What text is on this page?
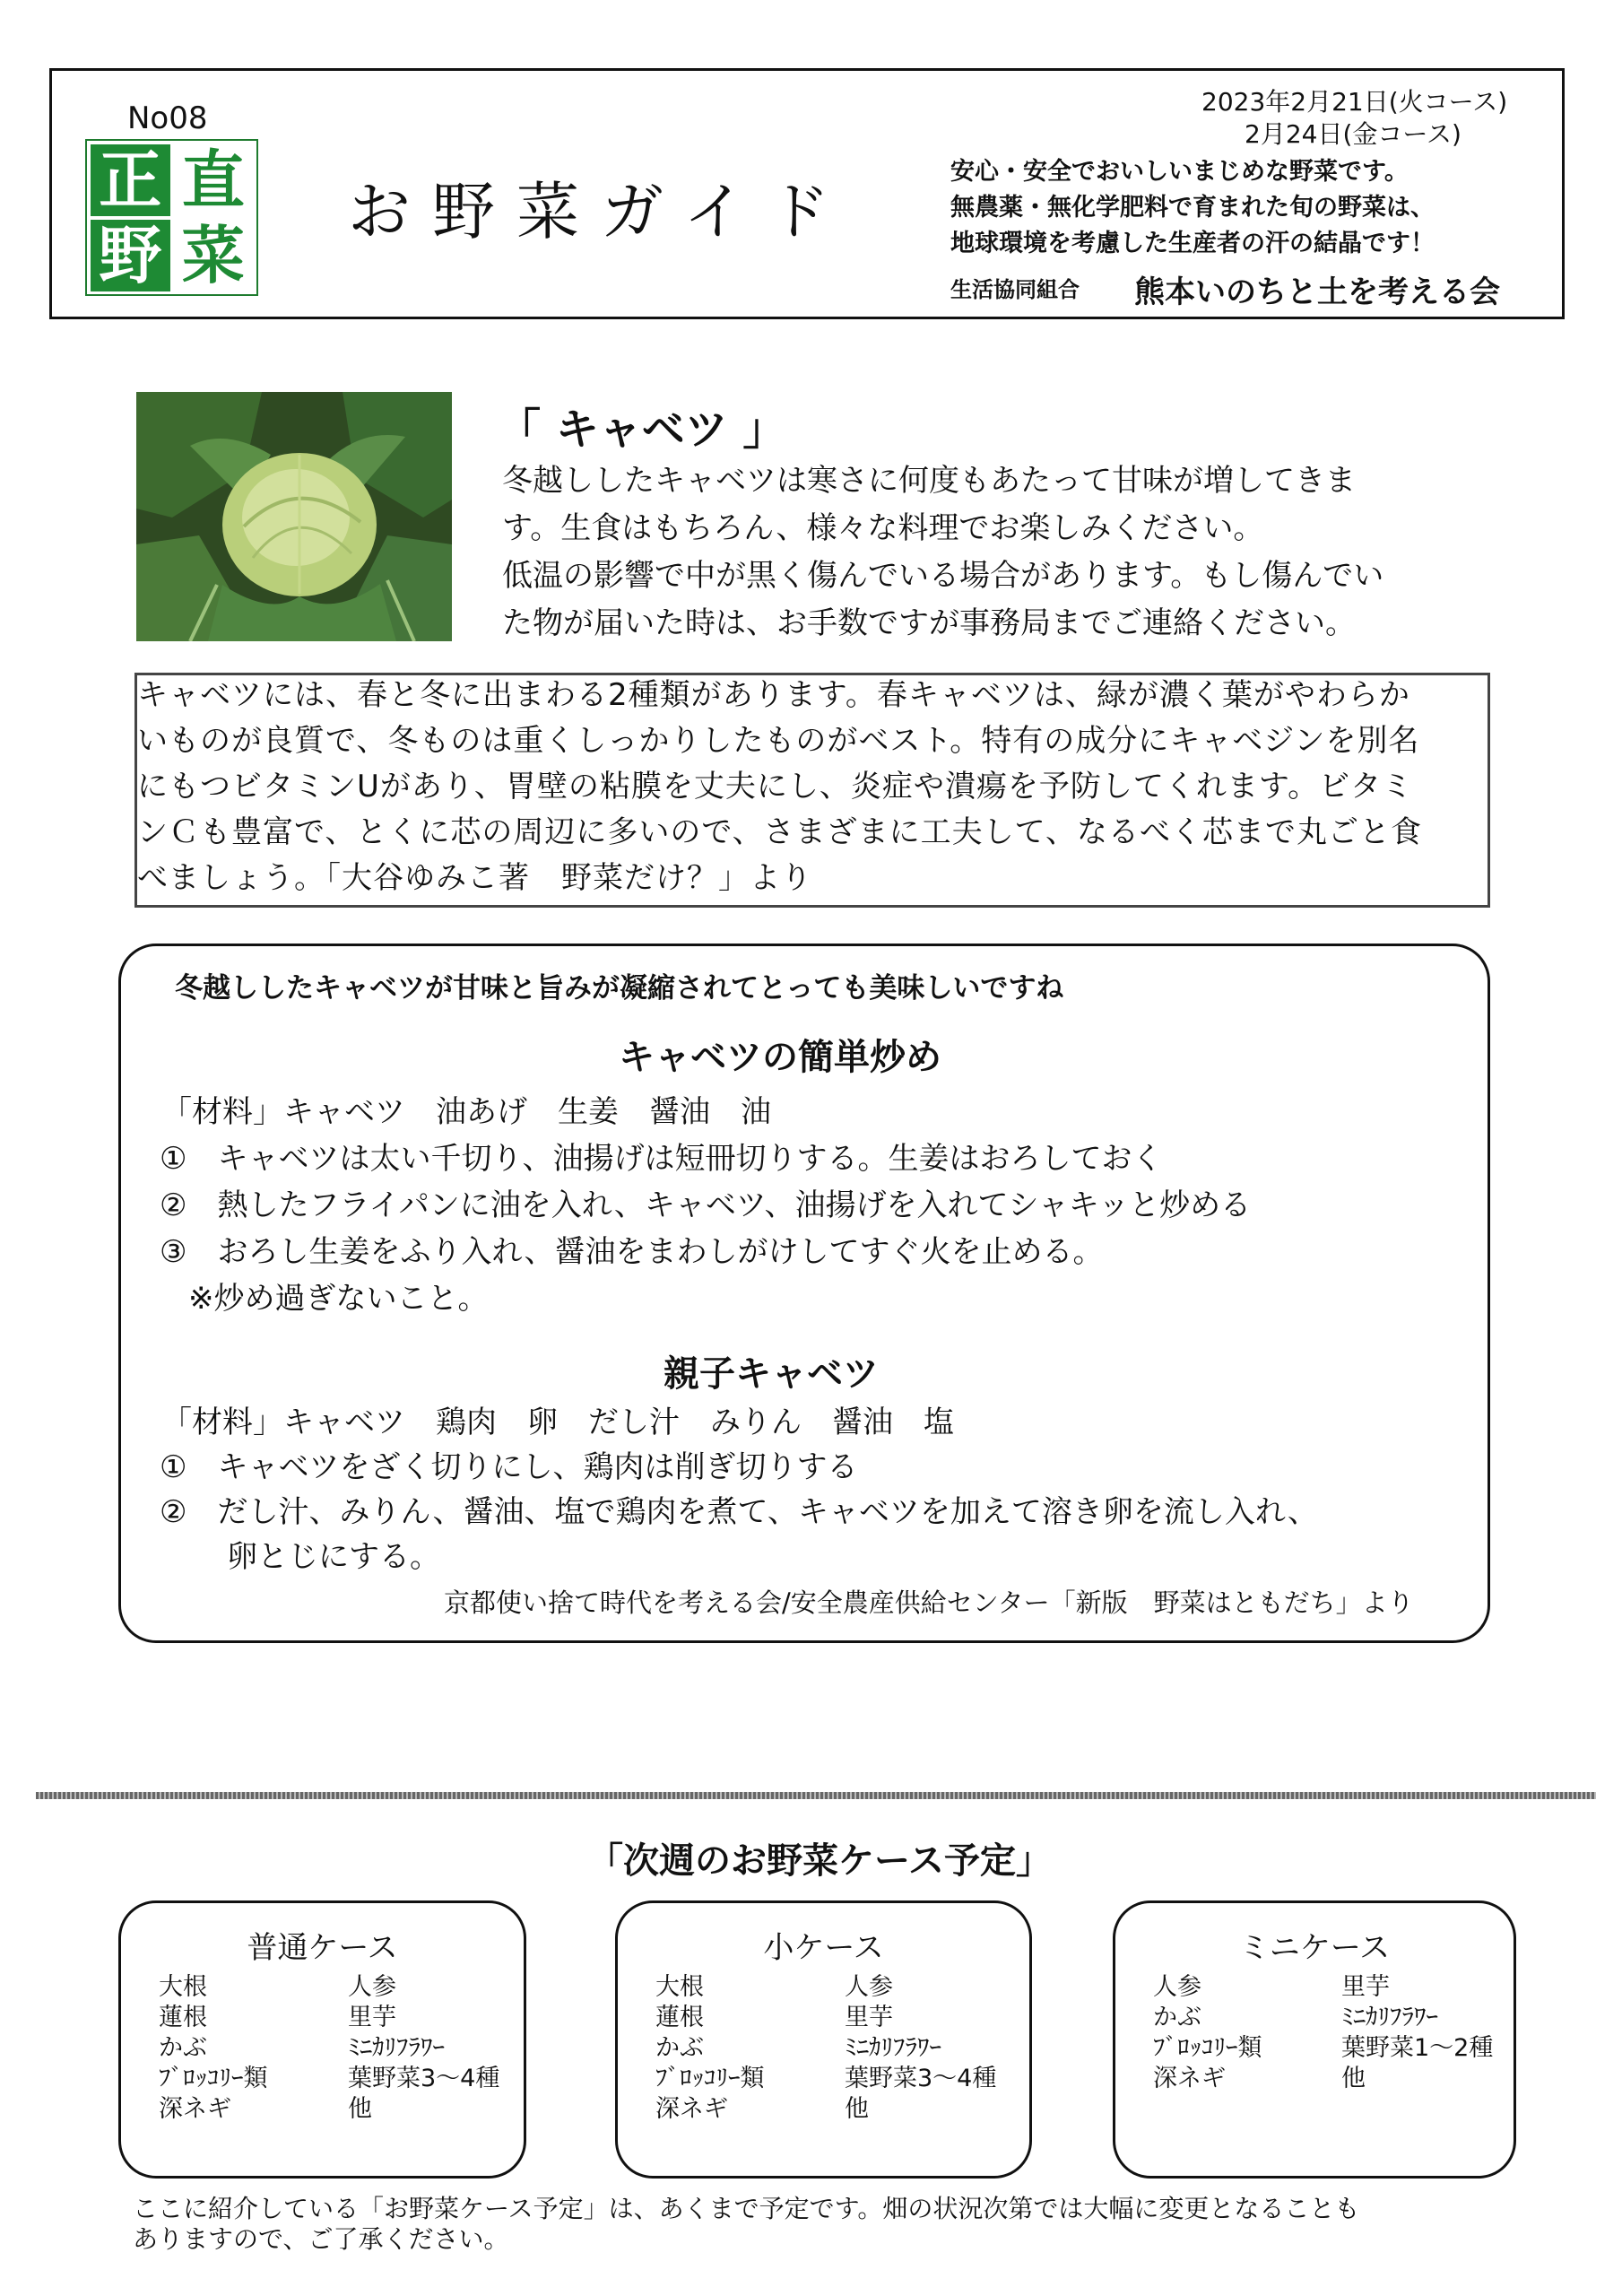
No08
正 直
野 菜
お野菜ガイド
2023年2月21日(火コース)
2月24日(金コース)
安心・安全でおいしいまじめな野菜です。
無農薬・無化学肥料で育まれた旬の野菜は、
地球環境を考慮した生産者の汗の結晶です！
生活協同組合 熊本いのちと土を考える会
「 キャベツ 」
冬越ししたキャベツは寒さに何度もあたって甘味が増してきま
す。生食はもちろん、様々な料理でお楽しみください。
低温の影響で中が黒く傷んでいる場合があります。もし傷んでい
た物が届いた時は、お手数ですが事務局までご連絡ください。
キャベツには、春と冬に出まわる2種類があります。春キャベツは、緑が濃く葉がやわらか
いものが良質で、冬ものは重くしっかりしたものがベスト。特有の成分にキャベジンを別名
にもつビタミンUがあり、胃壁の粘膜を丈夫にし、炎症や潰瘍を予防してくれます。ビタミ
ンＣも豊富で、とくに芯の周辺に多いので、さまざまに工夫して、なるべく芯まで丸ごと食
べましょう。「大谷ゆみこ著　野菜だけ？」より
冬越ししたキャベツが甘味と旨みが凝縮されてとっても美味しいですね
キャベツの簡単炒め
「材料」キャベツ　油あげ　生姜　醤油　油
①　キャベツは太い千切り、油揚げは短冊切りする。生姜はおろしておく
②　熱したフライパンに油を入れ、キャベツ、油揚げを入れてシャキッと炒める
③　おろし生姜をふり入れ、醤油をまわしがけしてすぐ火を止める。
※炒め過ぎないこと。
親子キャベツ
「材料」キャベツ　鶏肉　卵　だし汁　みりん　醤油　塩
①　キャベツをざく切りにし、鶏肉は削ぎ切りする
②　だし汁、みりん、醤油、塩で鶏肉を煮て、キャベツを加えて溶き卵を流し入れ、
卵とじにする。
京都使い捨て時代を考える会/安全農産供給センター「新版　野菜はともだち」より
「次週のお野菜ケース予定」
普通ケース
大根
蓮根
かぶ
ﾌﾞﾛｯｺﾘｰ類
深ネギ
人参
里芋
ﾐﾆｶﾘﾌﾗﾜｰ
葉野菜3～4種
他
小ケース
大根
蓮根
かぶ
ﾌﾞﾛｯｺﾘｰ類
深ネギ
人参
里芋
ﾐﾆｶﾘﾌﾗﾜｰ
葉野菜3～4種
他
ミニケース
人参
かぶ
ﾌﾞﾛｯｺﾘｰ類
深ネギ
里芋
ﾐﾆｶﾘﾌﾗﾜｰ
葉野菜1～2種
他
ここに紹介している「お野菜ケース予定」は、あくまで予定です。畑の状況次第では大幅に変更となることも
ありますので、ご了承ください。
